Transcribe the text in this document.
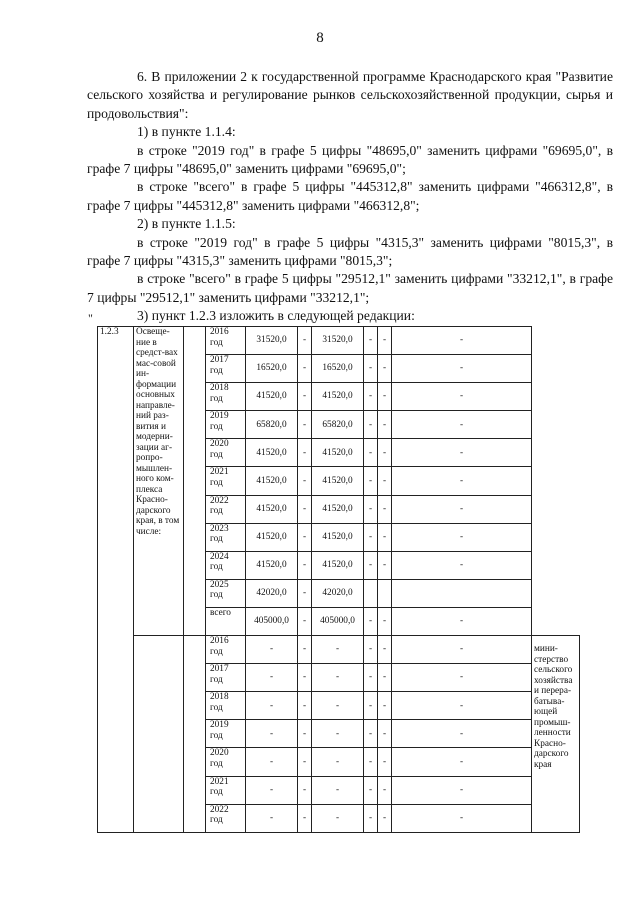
8

6. В приложении 2 к государственной программе Краснодарского края "Развитие сельского хозяйства и регулирование рынков сельскохозяйственной продукции, сырья и продовольствия":

1) в пункте 1.1.4:

в строке "2019 год" в графе 5 цифры "48695,0" заменить цифрами "69695,0", в графе 7 цифры "48695,0" заменить цифрами "69695,0";

в строке "всего" в графе 5 цифры "445312,8" заменить цифрами "466312,8", в графе 7 цифры "445312,8" заменить цифрами "466312,8";

2) в пункте 1.1.5:

в строке "2019 год" в графе 5 цифры "4315,3" заменить цифрами "8015,3", в графе 7 цифры "4315,3" заменить цифрами "8015,3";

в строке "всего" в графе 5 цифры "29512,1" заменить цифрами "33212,1", в графе 7 цифры "29512,1" заменить цифрами "33212,1";

3) пункт 1.2.3 изложить в следующей редакции:

"
1.2.3	Освеще-ние в средст-вах мас-совой ин-формации основных направле-ний раз-вития и модерни-зации аг-ропро-мышлен-ного ком-плекса Красно-дарского края, в том числе:		2016 год	31520,0	-	31520,0	-	-	-	
			2017 год	16520,0	-	16520,0	-	-	-	
			2018 год	41520,0	-	41520,0	-	-	-	
			2019 год	65820,0	-	65820,0	-	-	-	
			2020 год	41520,0	-	41520,0	-	-	-	
			2021 год	41520,0	-	41520,0	-	-	-	
			2022 год	41520,0	-	41520,0	-	-	-	
			2023 год	41520,0	-	41520,0	-	-	-	
			2024 год	41520,0	-	41520,0	-	-	-	
			2025 год	42020,0	-	42020,0				
			всего	405000,0	-	405000,0	-	-	-	
			2016 год	-	-	-	-	-	-	мини-стерство сельского хозяйства и перера-батыва-ющей промыш-ленности Красно-дарского края
			2017 год	-	-	-	-	-	-	
			2018 год	-	-	-	-	-	-	
			2019 год	-	-	-	-	-	-	
			2020 год	-	-	-	-	-	-	
			2021 год	-	-	-	-	-	-	
			2022 год	-	-	-	-	-	-	
